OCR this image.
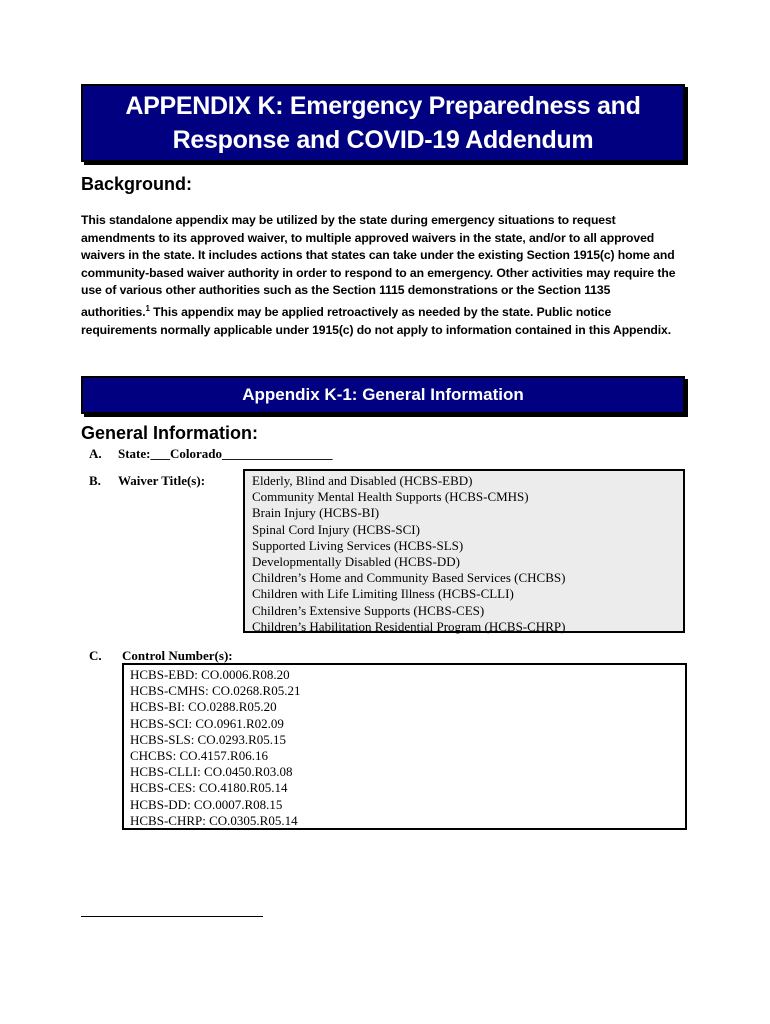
APPENDIX K: Emergency Preparedness and
Response and COVID-19 Addendum
Background:
This standalone appendix may be utilized by the state during emergency situations to request amendments to its approved waiver, to multiple approved waivers in the state, and/or to all approved waivers in the state. It includes actions that states can take under the existing Section 1915(c) home and community-based waiver authority in order to respond to an emergency. Other activities may require the use of various other authorities such as the Section 1115 demonstrations or the Section 1135 authorities.$^1$ This appendix may be applied retroactively as needed by the state. Public notice requirements normally applicable under 1915(c) do not apply to information contained in this Appendix.
Appendix K-1: General Information
General Information:
A. State:___Colorado_________________
B. Waiver Title(s):	Elderly, Blind and Disabled (HCBS-EBD)
Community Mental Health Supports (HCBS-CMHS)
Brain Injury (HCBS-BI)
Spinal Cord Injury (HCBS-SCI)
Supported Living Services (HCBS-SLS)
Developmentally Disabled (HCBS-DD)
Children’s Home and Community Based Services (CHCBS)
Children with Life Limiting Illness (HCBS-CLLI)
Children’s Extensive Supports (HCBS-CES)
Children’s Habilitation Residential Program (HCBS-CHRP)
C. Control Number(s):
HCBS-EBD: CO.0006.R08.20
HCBS-CMHS: CO.0268.R05.21
HCBS-BI: CO.0288.R05.20
HCBS-SCI: CO.0961.R02.09
HCBS-SLS: CO.0293.R05.15
CHCBS: CO.4157.R06.16
HCBS-CLLI: CO.0450.R03.08
HCBS-CES: CO.4180.R05.14
HCBS-DD: CO.0007.R08.15
HCBS-CHRP: CO.0305.R05.14
